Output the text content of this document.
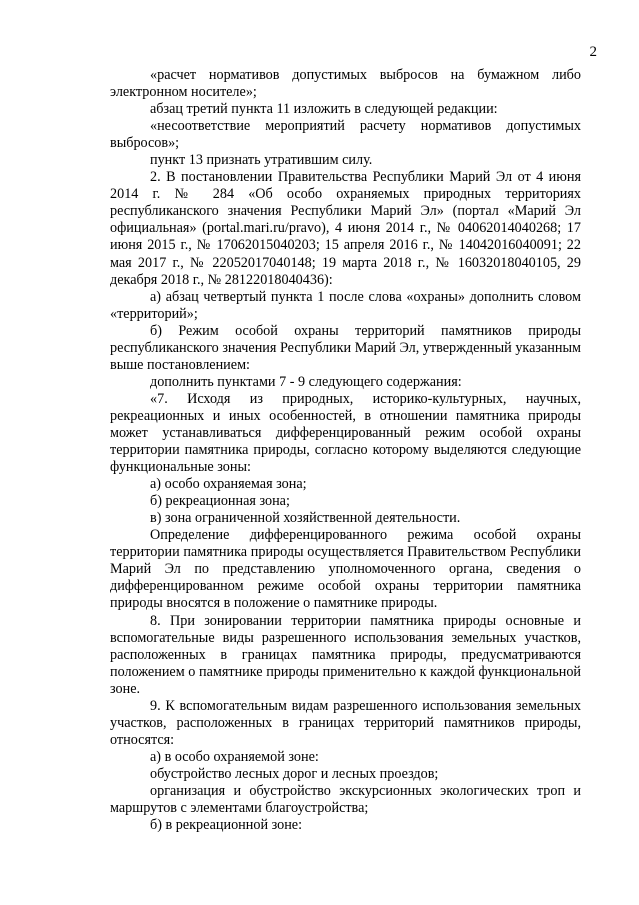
2

«расчет нормативов допустимых выбросов на бумажном либо электронном носителе»;

абзац третий пункта 11 изложить в следующей редакции:

«несоответствие мероприятий расчету нормативов допустимых выбросов»;

пункт 13 признать утратившим силу.

2. В постановлении Правительства Республики Марий Эл от 4 июня 2014 г. № 284 «Об особо охраняемых природных территориях республиканского значения Республики Марий Эл» (портал «Марий Эл официальная» (portal.mari.ru/pravo), 4 июня 2014 г., № 04062014040268; 17 июня 2015 г., № 17062015040203; 15 апреля 2016 г., № 14042016040091; 22 мая 2017 г., № 22052017040148; 19 марта 2018 г., № 16032018040105, 29 декабря 2018 г., № 28122018040436):

а) абзац четвертый пункта 1 после слова «охраны» дополнить словом «территорий»;

б) Режим особой охраны территорий памятников природы республиканского значения Республики Марий Эл, утвержденный указанным выше постановлением:

дополнить пунктами 7 - 9 следующего содержания:

«7. Исходя из природных, историко-культурных, научных, рекреационных и иных особенностей, в отношении памятника природы может устанавливаться дифференцированный режим особой охраны территории памятника природы, согласно которому выделяются следующие функциональные зоны:

а) особо охраняемая зона;

б) рекреационная зона;

в) зона ограниченной хозяйственной деятельности.

Определение дифференцированного режима особой охраны территории памятника природы осуществляется Правительством Республики Марий Эл по представлению уполномоченного органа, сведения о дифференцированном режиме особой охраны территории памятника природы вносятся в положение о памятнике природы.

8. При зонировании территории памятника природы основные и вспомогательные виды разрешенного использования земельных участков, расположенных в границах памятника природы, предусматриваются положением о памятнике природы применительно к каждой функциональной зоне.

9. К вспомогательным видам разрешенного использования земельных участков, расположенных в границах территорий памятников природы, относятся:

а) в особо охраняемой зоне:

обустройство лесных дорог и лесных проездов;

организация и обустройство экскурсионных экологических троп и маршрутов с элементами благоустройства;

б) в рекреационной зоне:
